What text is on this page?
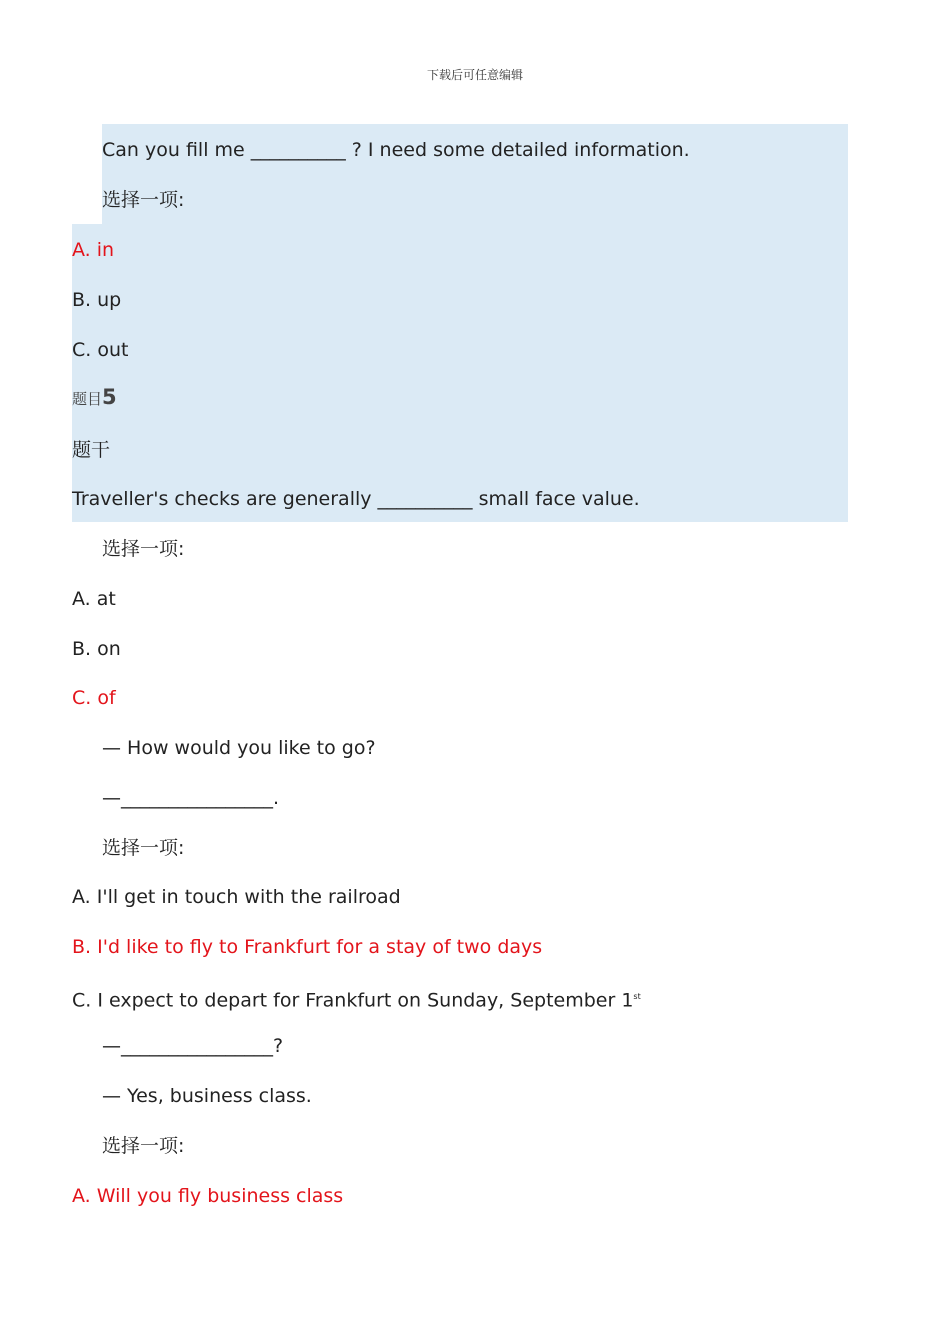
下载后可任意编辑
Can you fill me __________ ? I need some detailed information.
选择一项:
A. in
B. up
C. out
题目5
题干
Traveller's checks are generally __________ small face value.
选择一项:
A. at
B. on
C. of
— How would you like to go?
—________________.
选择一项:
A. I'll get in touch with the railroad
B. I'd like to fly to Frankfurt for a stay of two days
C. I expect to depart for Frankfurt on Sunday, September 1st
—________________?
— Yes, business class.
选择一项:
A. Will you fly business class
